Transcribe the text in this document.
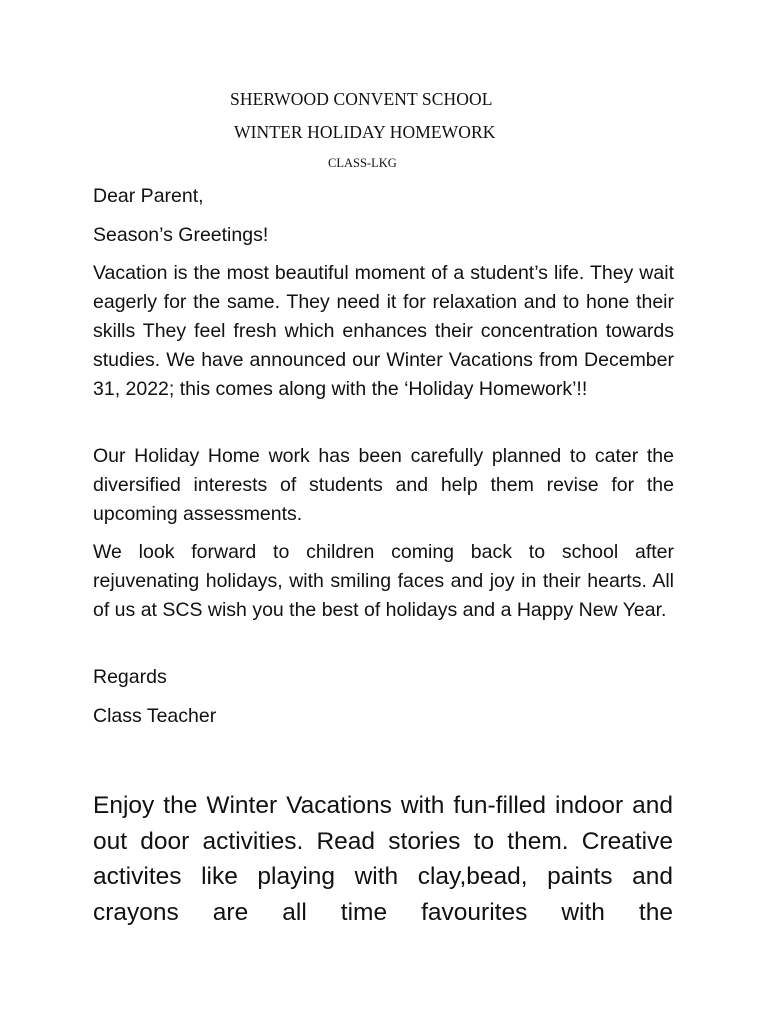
SHERWOOD CONVENT SCHOOL
WINTER HOLIDAY HOMEWORK
CLASS-LKG

Dear Parent,

Season’s Greetings!

Vacation is the most beautiful moment of a student’s life. They wait eagerly for the same. They need it for relaxation and to hone their skills They feel fresh which enhances their concentration towards studies. We have announced our Winter Vacations from December 31, 2022; this comes along with the ‘Holiday Homework’!!

Our Holiday Home work has been carefully planned to cater the diversified interests of students and help them revise for the upcoming assessments.

We look forward to children coming back to school after rejuvenating holidays, with smiling faces and joy in their hearts. All of us at SCS wish you the best of holidays and a Happy New Year.

Regards

Class Teacher

Enjoy the Winter Vacations with fun-filled indoor and out door activities. Read stories to them. Creative activites like playing with clay,bead, paints and crayons are all time favourites with the
